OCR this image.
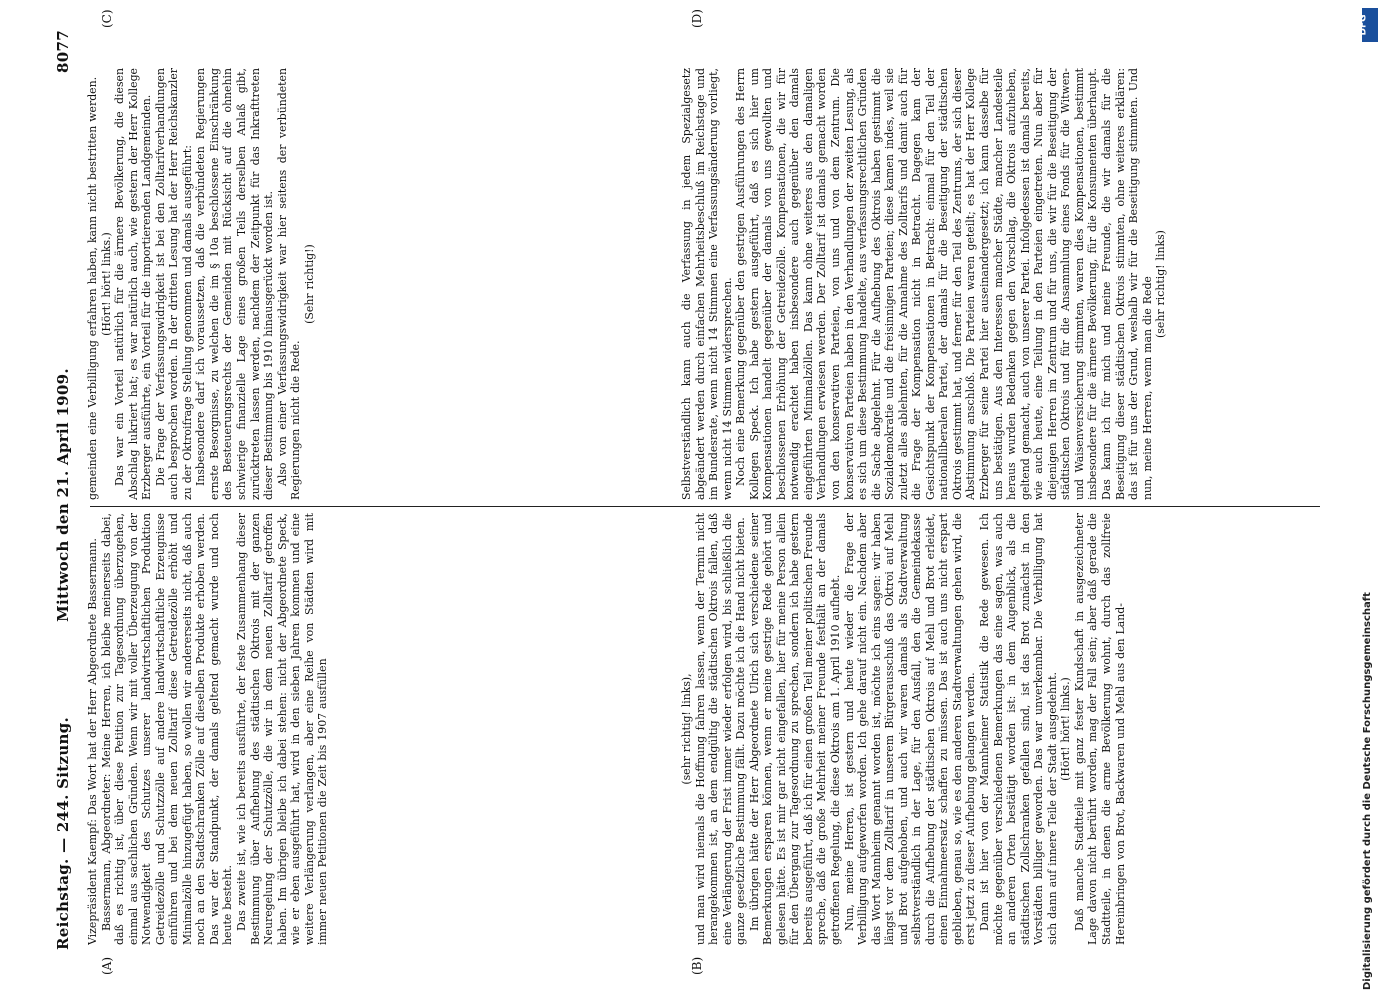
Reichstag. — 244. Sitzung.
Mittwoch den 21. April 1909.
8077
(A)	(B)
(C)	(D)

Vizepräsident Kaempf: Das Wort hat der Herr Abgeordnete Bassermann. Bassermann, Abgeordneter: Meine Herren, ich bleibe meinerseits dabei, daß es richtig ist, über diese Petition zur Tagesordnung überzugehen, einmal aus sachlichen Gründen. Wenn wir mit voller Überzeugung von der Notwendigkeit des Schutzes unserer landwirtschaftlichen Produktion Getreidezölle und Schutzzölle auf andere landwirtschaftliche Erzeugnisse einführen und bei dem neuen Zolltarif diese Getreidezölle erhöht und Minimalzölle hinzugefügt haben, so wollen wir andererseits nicht, daß auch noch an den Stadtschranken Zölle auf dieselben Produkte erhoben werden. Das war der Standpunkt, der damals geltend gemacht wurde und noch heute besteht. Das zweite ist, wie ich bereits ausführte, der feste Zusammenhang dieser Bestimmung über Aufhebung des städtischen Oktrois mit der ganzen Neuregelung der Schutzzölle, die wir in dem neuen Zolltarif getroffen haben. Im übrigen bleibe ich dabei stehen: nicht der Abgeordnete Speck, wie er eben ausgeführt hat, wird in den sieben Jahren kommen und eine weitere Verlängerung verlangen, aber eine Reihe von Städten wird mit immer neuen Petitionen die Zeit bis 1907 ausfüllen	(sehr richtig! links), und man wird niemals die Hoffnung fahren lassen, wenn der Termin nicht herangekommen ist, an dem endgültig die städtischen Oktrois fallen, daß eine Verlängerung der Frist immer wieder erfolgen wird, bis schließlich die ganze gesetzliche Bestimmung fällt. Dazu möchte ich die Hand nicht bieten. Im übrigen hätte der Herr Abgeordnete Ulrich sich verschiedene seiner Bemerkungen ersparen können, wenn er meine gestrige Rede gehört und gelesen hätte. Es ist mir gar nicht eingefallen, hier für meine Person allein für den Übergang zur Tagesordnung zu sprechen, sondern ich habe gestern bereits ausgeführt, daß ich für einen großen Teil meiner politischen Freunde spreche, daß die große Mehrheit meiner Freunde festhält an der damals getroffenen Regelung, die diese Oktrois am 1. April 1910 aufhebt. Nun, meine Herren, ist gestern und heute wieder die Frage der Verbilligung aufgeworfen worden. Ich gehe darauf nicht ein. Nachdem aber das Wort Mannheim genannt worden ist, möchte ich eins sagen: wir haben längst vor dem Zolltarif in unserem Bürgerausschuß das Oktroi auf Mehl und Brot aufgehoben, und auch wir waren damals als Stadtverwaltung selbstverständlich in der Lage, für den Ausfall, den die Gemeindekasse durch die Aufhebung der städtischen Oktrois auf Mehl und Brot erleidet, einen Einnahmeersatz schaffen zu müssen. Das ist auch uns nicht erspart geblieben, genau so, wie es den anderen Stadtverwaltungen gehen wird, die erst jetzt zu dieser Aufhebung gelangen werden. Dann ist hier von der Mannheimer Statistik die Rede gewesen. Ich möchte gegenüber verschiedenen Bemerkungen das eine sagen, was auch an anderen Orten bestätigt worden ist: in dem Augenblick, als die städtischen Zollschranken gefallen sind, ist das Brot zunächst in den Vorstädten billiger geworden. Das war unverkennbar. Die Verbilligung hat sich dann auf innere Teile der Stadt ausgedehnt. (Hört! hört! links.) Daß manche Stadtteile mit ganz fester Kundschaft in ausgezeichneter Lage davon nicht berührt worden, mag der Fall sein; aber daß gerade die Stadtteile, in denen die arme Bevölkerung wohnt, durch das zollfreie Hereinbringen von Brot, Backwaren und Mehl aus den Land-

gemeinden eine Verbilligung erfahren haben, kann nicht bestritten werden. (Hört! hört! links.) Das war ein Vorteil natürlich für die ärmere Bevölkerung, die diesen Abschlag lukriert hat; es war natürlich auch, wie gestern der Herr Kollege Erzberger ausführte, ein Vorteil für die importierenden Landgemeinden. Die Frage der Verfassungswidrigkeit ist bei den Zolltarifverhandlungen auch besprochen worden. In der dritten Lesung hat der Herr Reichskanzler zu der Oktroifrage Stellung genommen und damals ausgeführt: Insbesondere darf ich voraussetzen, daß die verbündeten Regierungen ernste Besorgnisse, zu welchen die im § 10a beschlossene Einschränkung des Besteuerungsrechts der Gemeinden mit Rücksicht auf die ohnehin schwierige finanzielle Lage eines großen Teils derselben Anlaß gibt, zurücktreten lassen werden, nachdem der Zeitpunkt für das Inkrafttreten dieser Bestimmung bis 1910 hinausgerückt worden ist. Also von einer Verfassungswidrigkeit war hier seitens der verbündeten Regierungen nicht die Rede.

(Sehr richtig!)	Selbstverständlich kann auch die Verfassung in jedem Spezialgesetz abgeändert werden durch einfachen Mehrheitsbeschluß im Reichstage und im Bundesrate, wenn nicht 14 Stimmen eine Verfassungsänderung vorliegt, wenn nicht 14 Stimmen widersprechen. Noch eine Bemerkung gegenüber den gestrigen Ausführungen des Herrn Kollegen Speck. Ich habe gestern ausgeführt, daß es sich hier um Kompensationen handelt gegenüber der damals von uns gewollten und beschlossenen Erhöhung der Getreidezölle. Kompensationen, die wir für notwendig erachtet haben insbesondere auch gegenüber den damals eingeführten Minimalzöllen. Das kann ohne weiteres aus den damaligen Verhandlungen erwiesen werden. Der Zolltarif ist damals gemacht worden von den konservativen Parteien, von uns und von dem Zentrum. Die konservativen Parteien haben in den Verhandlungen der zweiten Lesung, als es sich um diese Bestimmung handelte, aus verfassungsrechtlichen Gründen die Sache abgelehnt. Für die Aufhebung des Oktrois haben gestimmt die Sozialdemokratie und die freisinnigen Parteien; diese kamen indes, weil sie zuletzt alles ablehnten, für die Annahme des Zolltarifs und damit auch für die Frage der Kompensation nicht in Betracht. Dagegen kam der Gesichtspunkt der Kompensationen in Betracht: einmal für den Teil der nationalliberalen Partei, der damals für die Beseitigung der städtischen Oktrois gestimmt hat, und ferner für den Teil des Zentrums, der sich dieser Abstimmung anschloß. Die Parteien waren geteilt; es hat der Herr Kollege Erzberger für seine Partei hier auseinandergesetzt; ich kann dasselbe für uns bestätigen. Aus den Interessen mancher Städte, mancher Landesteile heraus wurden Bedenken gegen den Vorschlag, die Oktrois aufzuheben, geltend gemacht, auch von unserer Partei. Infolgedessen ist damals bereits, wie auch heute, eine Teilung in den Parteien eingetreten. Nun aber für diejenigen Herren im Zentrum und für uns, die wir für die Beseitigung der städtischen Oktrois und für die Ansammlung eines Fonds für die Witwen- und Waisenversicherung stimmten, waren dies Kompensationen, bestimmt insbesondere für die ärmere Bevölkerung, für die Konsumenten überhaupt. Das kann ich für mich und meine Freunde, die wir damals für die Beseitigung dieser städtischen Oktrois stimmten, ohne weiteres erklären: das ist für uns der Grund, weshalb wir für die Beseitigung stimmten. Und nun, meine Herren, wenn man die Rede (sehr richtig! links)

DFG
Digitalisierung gefördert durch die Deutsche Forschungsgemeinschaft
